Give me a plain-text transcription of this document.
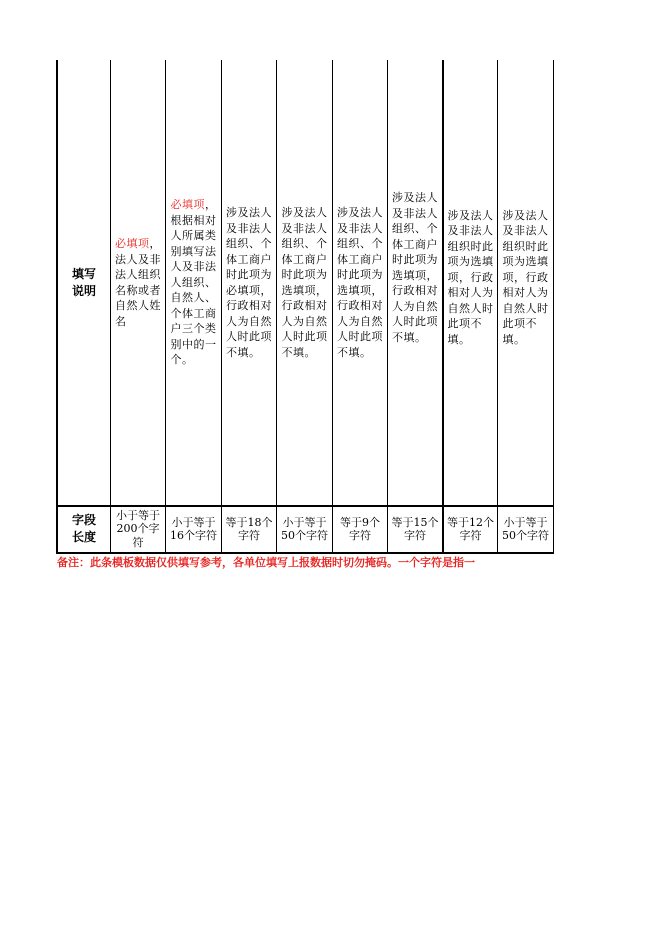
填写说明
字段长度
必填项，法人及非法人组织名称或者自然人姓名
必填项，根据相对人所属类别填写法人及非法人组织、自然人、个体工商户三个类别中的一个。
涉及法人及非法人组织、个体工商户时此项为必填项，行政相对人为自然人时此项不填。
涉及法人及非法人组织、个体工商户时此项为选填项，行政相对人为自然人时此项不填。
涉及法人及非法人组织、个体工商户时此项为选填项，行政相对人为自然人时此项不填。
涉及法人及非法人组织、个体工商户时此项为选填项，行政相对人为自然人时此项不填。
涉及法人及非法人组织时此项为选填项，行政相对人为自然人时此项不填。
涉及法人及非法人组织时此项为选填项，行政相对人为自然人时此项不填。
小于等于200个字符
小于等于16个字符
等于18个字符
小于等于50个字符
等于9个字符
等于15个字符
等于12个字符
小于等于50个字符
备注：此条模板数据仅供填写参考，各单位填写上报数据时切勿掩码。一个字符是指一
